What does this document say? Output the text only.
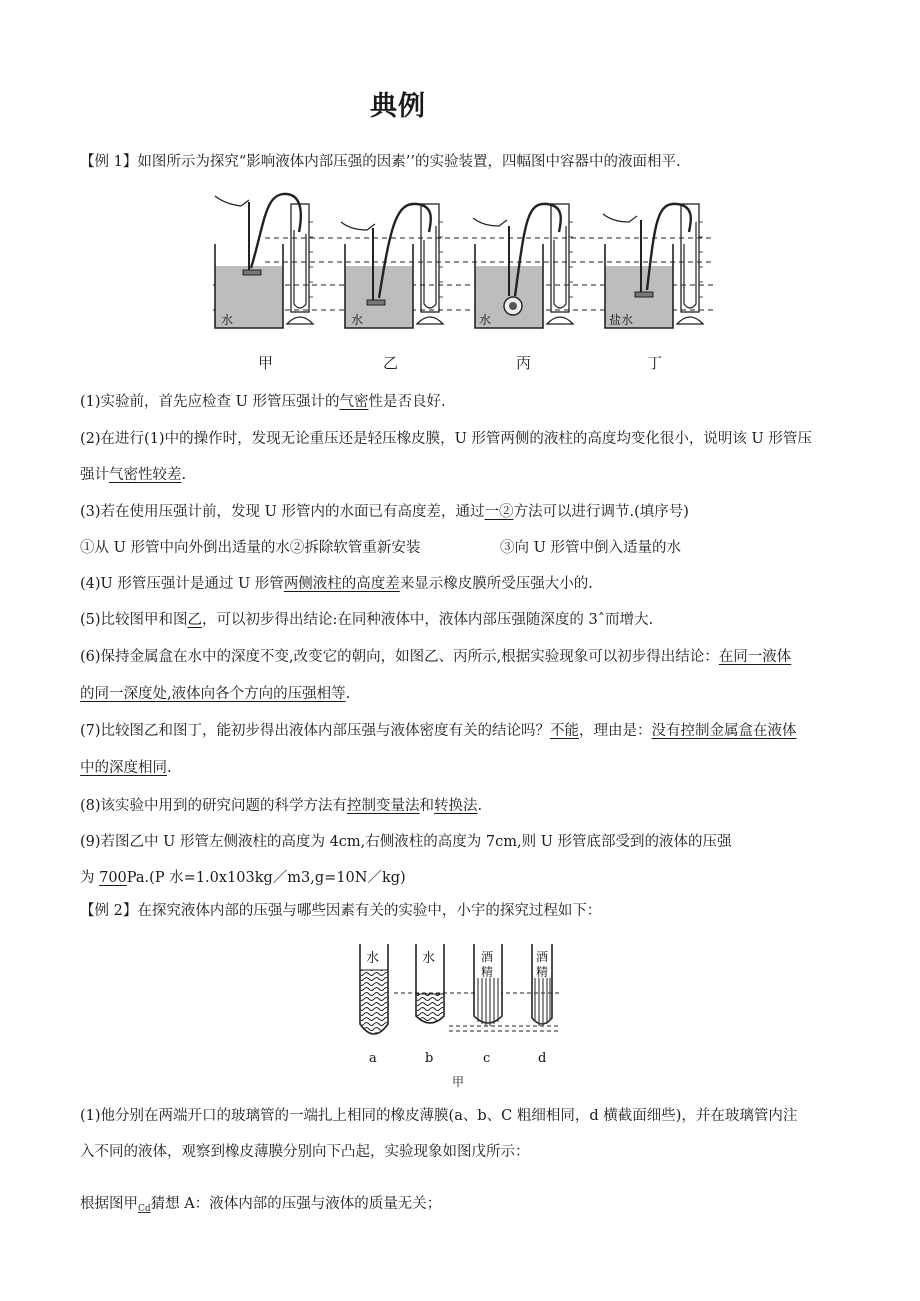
典例
【例 1】如图所示为探究“影响液体内部压强的因素’’的实验装置，四幅图中容器中的液面相平.
水	水	水	盐水
甲	乙	丙	丁
(1)实验前，首先应检查 U 形管压强计的气密性是否良好.
(2)在进行(1)中的操作时，发现无论重压还是轻压橡皮膜，U 形管两侧的液柱的高度均变化很小，说明该 U 形管压
强计气密性较差.
(3)若在使用压强计前，发现 U 形管内的水面已有高度差，通过一②方法可以进行调节.(填序号)
①从 U 形管中向外倒出适量的水②拆除软管重新安装	③向 U 形管中倒入适量的水
(4)U 形管压强计是通过 U 形管两侧液柱的高度差来显示橡皮膜所受压强大小的.
(5)比较图甲和图乙，可以初步得出结论:在同种液体中，液体内部压强随深度的 3ˆ而增大.
(6)保持金属盒在水中的深度不变,改变它的朝向，如图乙、丙所示,根据实验现象可以初步得出结论：在同一液体
的同一深度处,液体向各个方向的压强相等.
(7)比较图乙和图丁，能初步得出液体内部压强与液体密度有关的结论吗？不能，理由是：没有控制金属盒在液体
中的深度相同.
(8)该实验中用到的研究问题的科学方法有控制变量法和转换法.
(9)若图乙中 U 形管左侧液柱的高度为 4cm,右侧液柱的高度为 7cm,则 U 形管底部受到的液体的压强
为 700Pa.(P 水=1.0x103kg／m3,g=10N／kg)
【例 2】在探究液体内部的压强与哪些因素有关的实验中，小宇的探究过程如下：
水
a
水
b
酒
精
c
酒
精
d
甲
(1)他分别在两端开口的玻璃管的一端扎上相同的橡皮薄膜(a、b、C 粗细相同，d 横截面细些)，并在玻璃管内注
入不同的液体，观察到橡皮薄膜分别向下凸起，实验现象如图戊所示：
根据图甲$_{Cd}$猜想 A：液体内部的压强与液体的质量无关；
